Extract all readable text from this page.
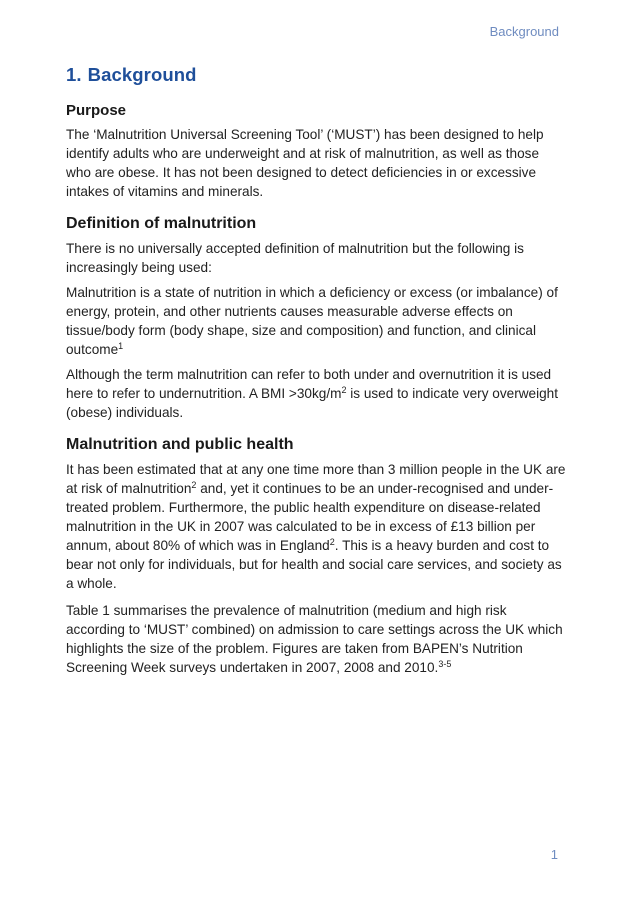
Background
1. Background
Purpose

The ‘Malnutrition Universal Screening Tool’ (‘MUST’) has been designed to help identify adults who are underweight and at risk of malnutrition, as well as those who are obese. It has not been designed to detect deficiencies in or excessive intakes of vitamins and minerals.

Definition of malnutrition

There is no universally accepted definition of malnutrition but the following is increasingly being used:

Malnutrition is a state of nutrition in which a deficiency or excess (or imbalance) of energy, protein, and other nutrients causes measurable adverse effects on tissue/body form (body shape, size and composition) and function, and clinical outcome$^1$

Although the term malnutrition can refer to both under and overnutrition it is used here to refer to undernutrition. A BMI $>30kg/m^2$ is used to indicate very overweight (obese) individuals.

Malnutrition and public health

It has been estimated that at any one time more than 3 million people in the UK are at risk of malnutrition$^2$ and, yet it continues to be an under-recognised and under-treated problem. Furthermore, the public health expenditure on disease-related malnutrition in the UK in 2007 was calculated to be in excess of £13 billion per annum, about 80% of which was in England$^2$. This is a heavy burden and cost to bear not only for individuals, but for health and social care services, and society as a whole.

Table 1 summarises the prevalence of malnutrition (medium and high risk according to ‘MUST’ combined) on admission to care settings across the UK which highlights the size of the problem. Figures are taken from BAPEN’s Nutrition Screening Week surveys undertaken in 2007, 2008 and 2010.$^{3-5}$

1
